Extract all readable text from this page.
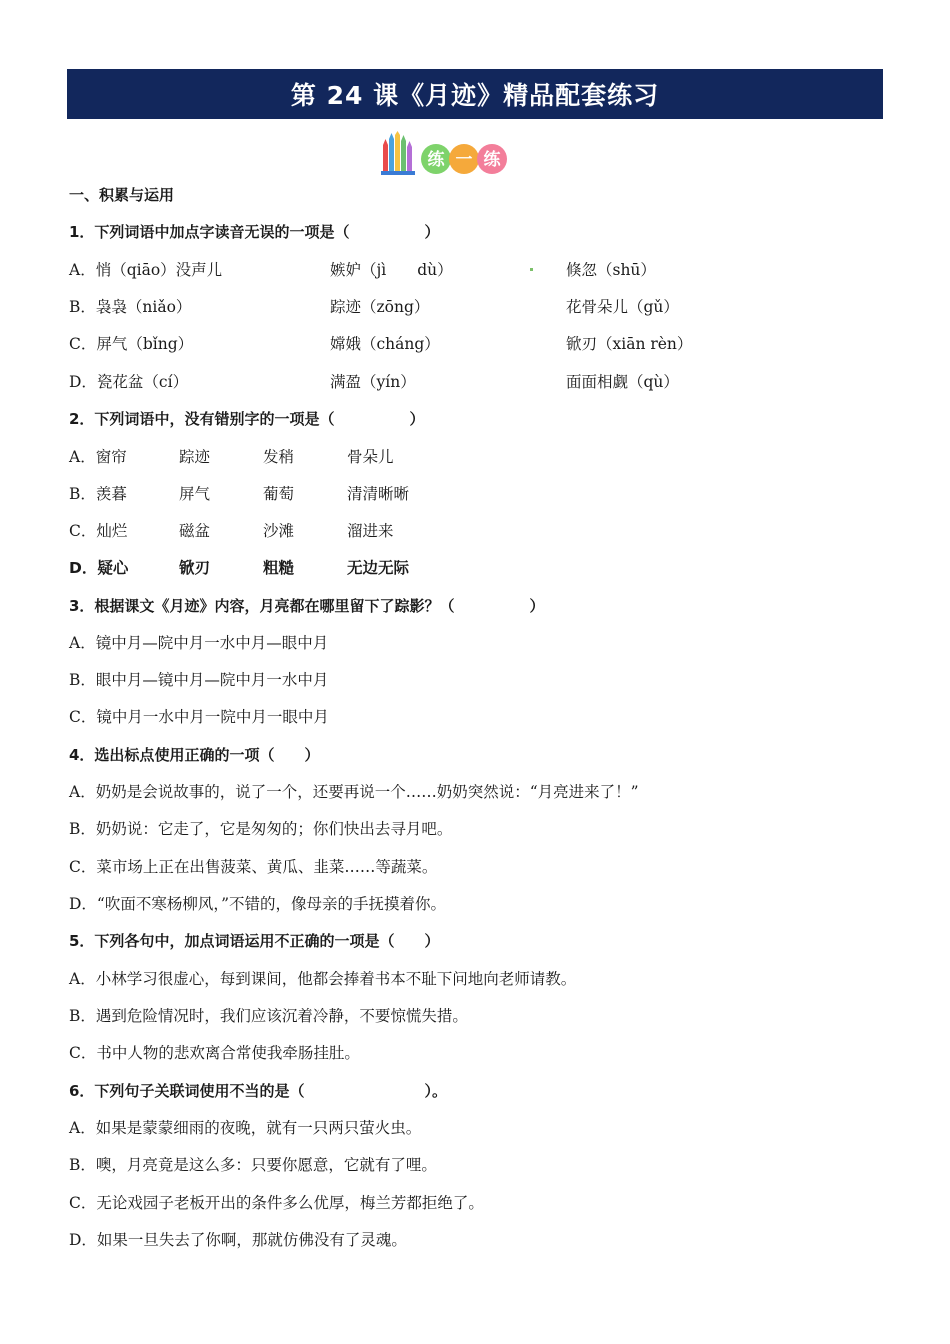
第 24 课《月迹》精品配套练习
练 一 练
一、积累与运用
1．下列词语中加点字读音无误的一项是（　　　　　）
A．悄（qiāo）没声儿	嫉妒（jì　　dù）	倏忽（shū）
B．袅袅（niǎo）	踪迹（zōng）	花骨朵儿（gǔ）
C．屏气（bǐng）	嫦娥（cháng）	锨刃（xiān rèn）
D．瓷花盆（cí）	满盈（yín）	面面相觑（qù）
2．下列词语中，没有错别字的一项是（　　　　　）
A．窗帘	踪迹	发稍	骨朵儿
B．羡暮	屏气	葡萄	清清晰晰
C．灿烂	磁盆	沙滩	溜进来
D．疑心	锨刃	粗糙	无边无际
3．根据课文《月迹》内容，月亮都在哪里留下了踪影？（　　　　　）
A．镜中月—院中月一水中月—眼中月
B．眼中月—镜中月—院中月一水中月
C．镜中月一水中月一院中月一眼中月
4．选出标点使用正确的一项（　　）
A．奶奶是会说故事的，说了一个，还要再说一个……奶奶突然说：“月亮进来了！”
B．奶奶说：它走了，它是匆匆的；你们快出去寻月吧。
C．菜市场上正在出售菠菜、黄瓜、韭菜……等蔬菜。
D．“吹面不寒杨柳风，”不错的，像母亲的手抚摸着你。
5．下列各句中，加点词语运用不正确的一项是（　　）
A．小林学习很虚心，每到课间，他都会捧着书本不耻下问地向老师请教。
B．遇到危险情况时，我们应该沉着冷静，不要惊慌失措。
C．书中人物的悲欢离合常使我牵肠挂肚。
6．下列句子关联词使用不当的是（　　　　　　　　）。
A．如果是蒙蒙细雨的夜晚，就有一只两只萤火虫。
B．噢，月亮竟是这么多：只要你愿意，它就有了哩。
C．无论戏园子老板开出的条件多么优厚，梅兰芳都拒绝了。
D．如果一旦失去了你啊，那就仿佛没有了灵魂。
